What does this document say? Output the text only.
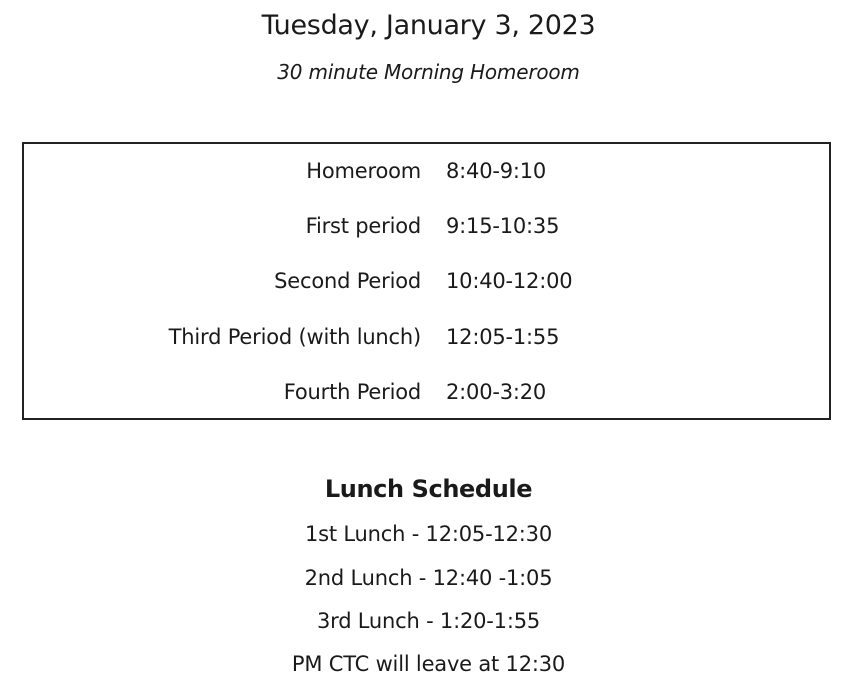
Tuesday, January 3, 2023
30 minute Morning Homeroom
Homeroom 8:40-9:10
First period 9:15-10:35
Second Period 10:40-12:00
Third Period (with lunch) 12:05-1:55
Fourth Period 2:00-3:20
Lunch Schedule
1st Lunch - 12:05-12:30
2nd Lunch - 12:40 -1:05
3rd Lunch - 1:20-1:55
PM CTC will leave at 12:30
